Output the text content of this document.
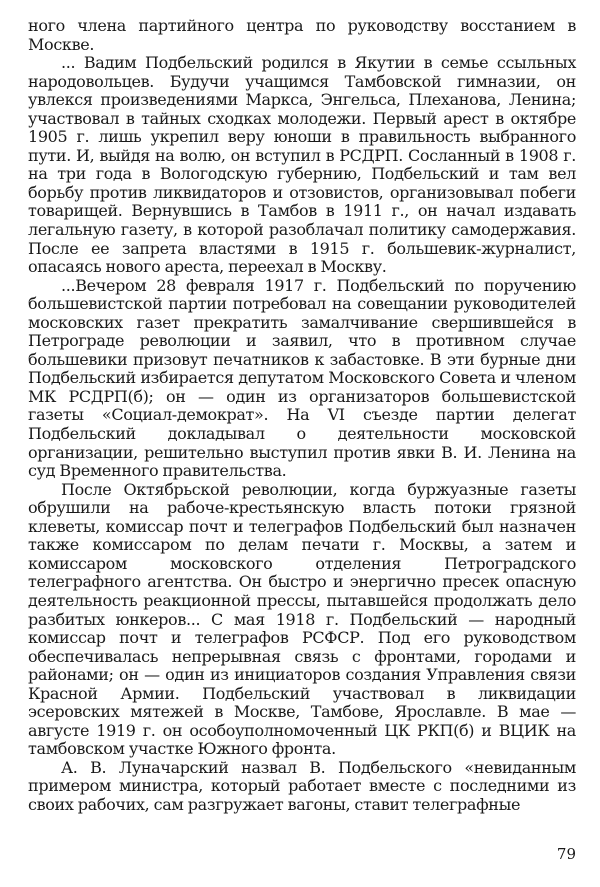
ного члена партийного центра по руководству восстанием в Москве.

... Вадим Подбельский родился в Якутии в семье ссыльных народовольцев. Будучи учащимся Тамбовской гимназии, он увлекся произведениями Маркса, Энгельса, Плеханова, Ленина; участвовал в тайных сходках молодежи. Первый арест в октябре 1905 г. лишь укрепил веру юноши в правильность выбранного пути. И, выйдя на волю, он вступил в РСДРП. Сосланный в 1908 г. на три года в Вологодскую губернию, Подбельский и там вел борьбу против ликвидаторов и отзовистов, организовывал побеги товарищей. Вернувшись в Тамбов в 1911 г., он начал издавать легальную газету, в которой разоблачал политику самодержавия. После ее запрета властями в 1915 г. большевик-журналист, опасаясь нового ареста, переехал в Москву.

...Вечером 28 февраля 1917 г. Подбельский по поручению большевистской партии потребовал на совещании руководителей московских газет прекратить замалчивание свершившейся в Петрограде революции и заявил, что в противном случае большевики призовут печатников к забастовке. В эти бурные дни Подбельский избирается депутатом Московского Совета и членом МК РСДРП(б); он — один из организаторов большевистской газеты «Социал-демократ». На VI съезде партии делегат Подбельский докладывал о деятельности московской организации, решительно выступил против явки В. И. Ленина на суд Временного правительства.

После Октябрьской революции, когда буржуазные газеты обрушили на рабоче-крестьянскую власть потоки грязной клеветы, комиссар почт и телеграфов Подбельский был назначен также комиссаром по делам печати г. Москвы, а затем и комиссаром московского отделения Петроградского телеграфного агентства. Он быстро и энергично пресек опасную деятельность реакционной прессы, пытавшейся продолжать дело разбитых юнкеров... С мая 1918 г. Подбельский — народный комиссар почт и телеграфов РСФСР. Под его руководством обеспечивалась непрерывная связь с фронтами, городами и районами; он — один из инициаторов создания Управления связи Красной Армии. Подбельский участвовал в ликвидации эсеровских мятежей в Москве, Тамбове, Ярославле. В мае — августе 1919 г. он особоуполномоченный ЦК РКП(б) и ВЦИК на тамбовском участке Южного фронта.

А. В. Луначарский назвал В. Подбельского «невиданным примером министра, который работает вместе с последними из своих рабочих, сам разгружает вагоны, ставит телеграфные

79
